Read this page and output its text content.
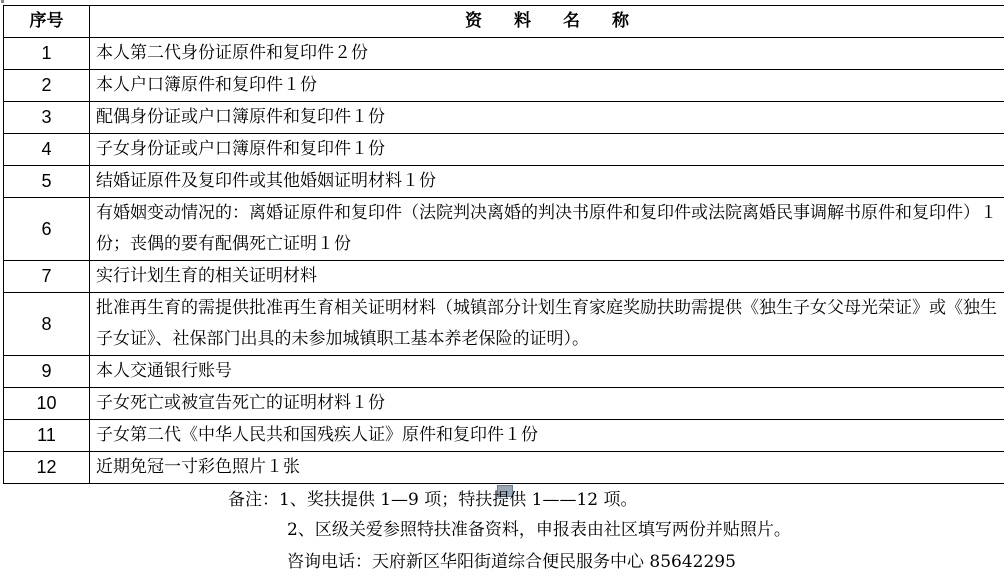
序号	资料名称
1	本人第二代身份证原件和复印件２份
2	本人户口簿原件和复印件１份
3	配偶身份证或户口簿原件和复印件１份
4	子女身份证或户口簿原件和复印件１份
5	结婚证原件及复印件或其他婚姻证明材料１份
6	有婚姻变动情况的：离婚证原件和复印件（法院判决离婚的判决书原件和复印件或法院离婚民事调解书原件和复印件）１份；丧偶的要有配偶死亡证明１份
7	实行计划生育的相关证明材料
8	批准再生育的需提供批准再生育相关证明材料（城镇部分计划生育家庭奖励扶助需提供《独生子女父母光荣证》或《独生子女证》、社保部门出具的未参加城镇职工基本养老保险的证明）。
9	本人交通银行账号
10	子女死亡或被宣告死亡的证明材料１份
11	子女第二代《中华人民共和国残疾人证》原件和复印件１份
12	近期免冠一寸彩色照片１张
备注：1、奖扶提供 1—9 项；特扶提供 1——12 项。
2、区级关爱参照特扶准备资料，申报表由社区填写两份并贴照片。
咨询电话：天府新区华阳街道综合便民服务中心 85642295
